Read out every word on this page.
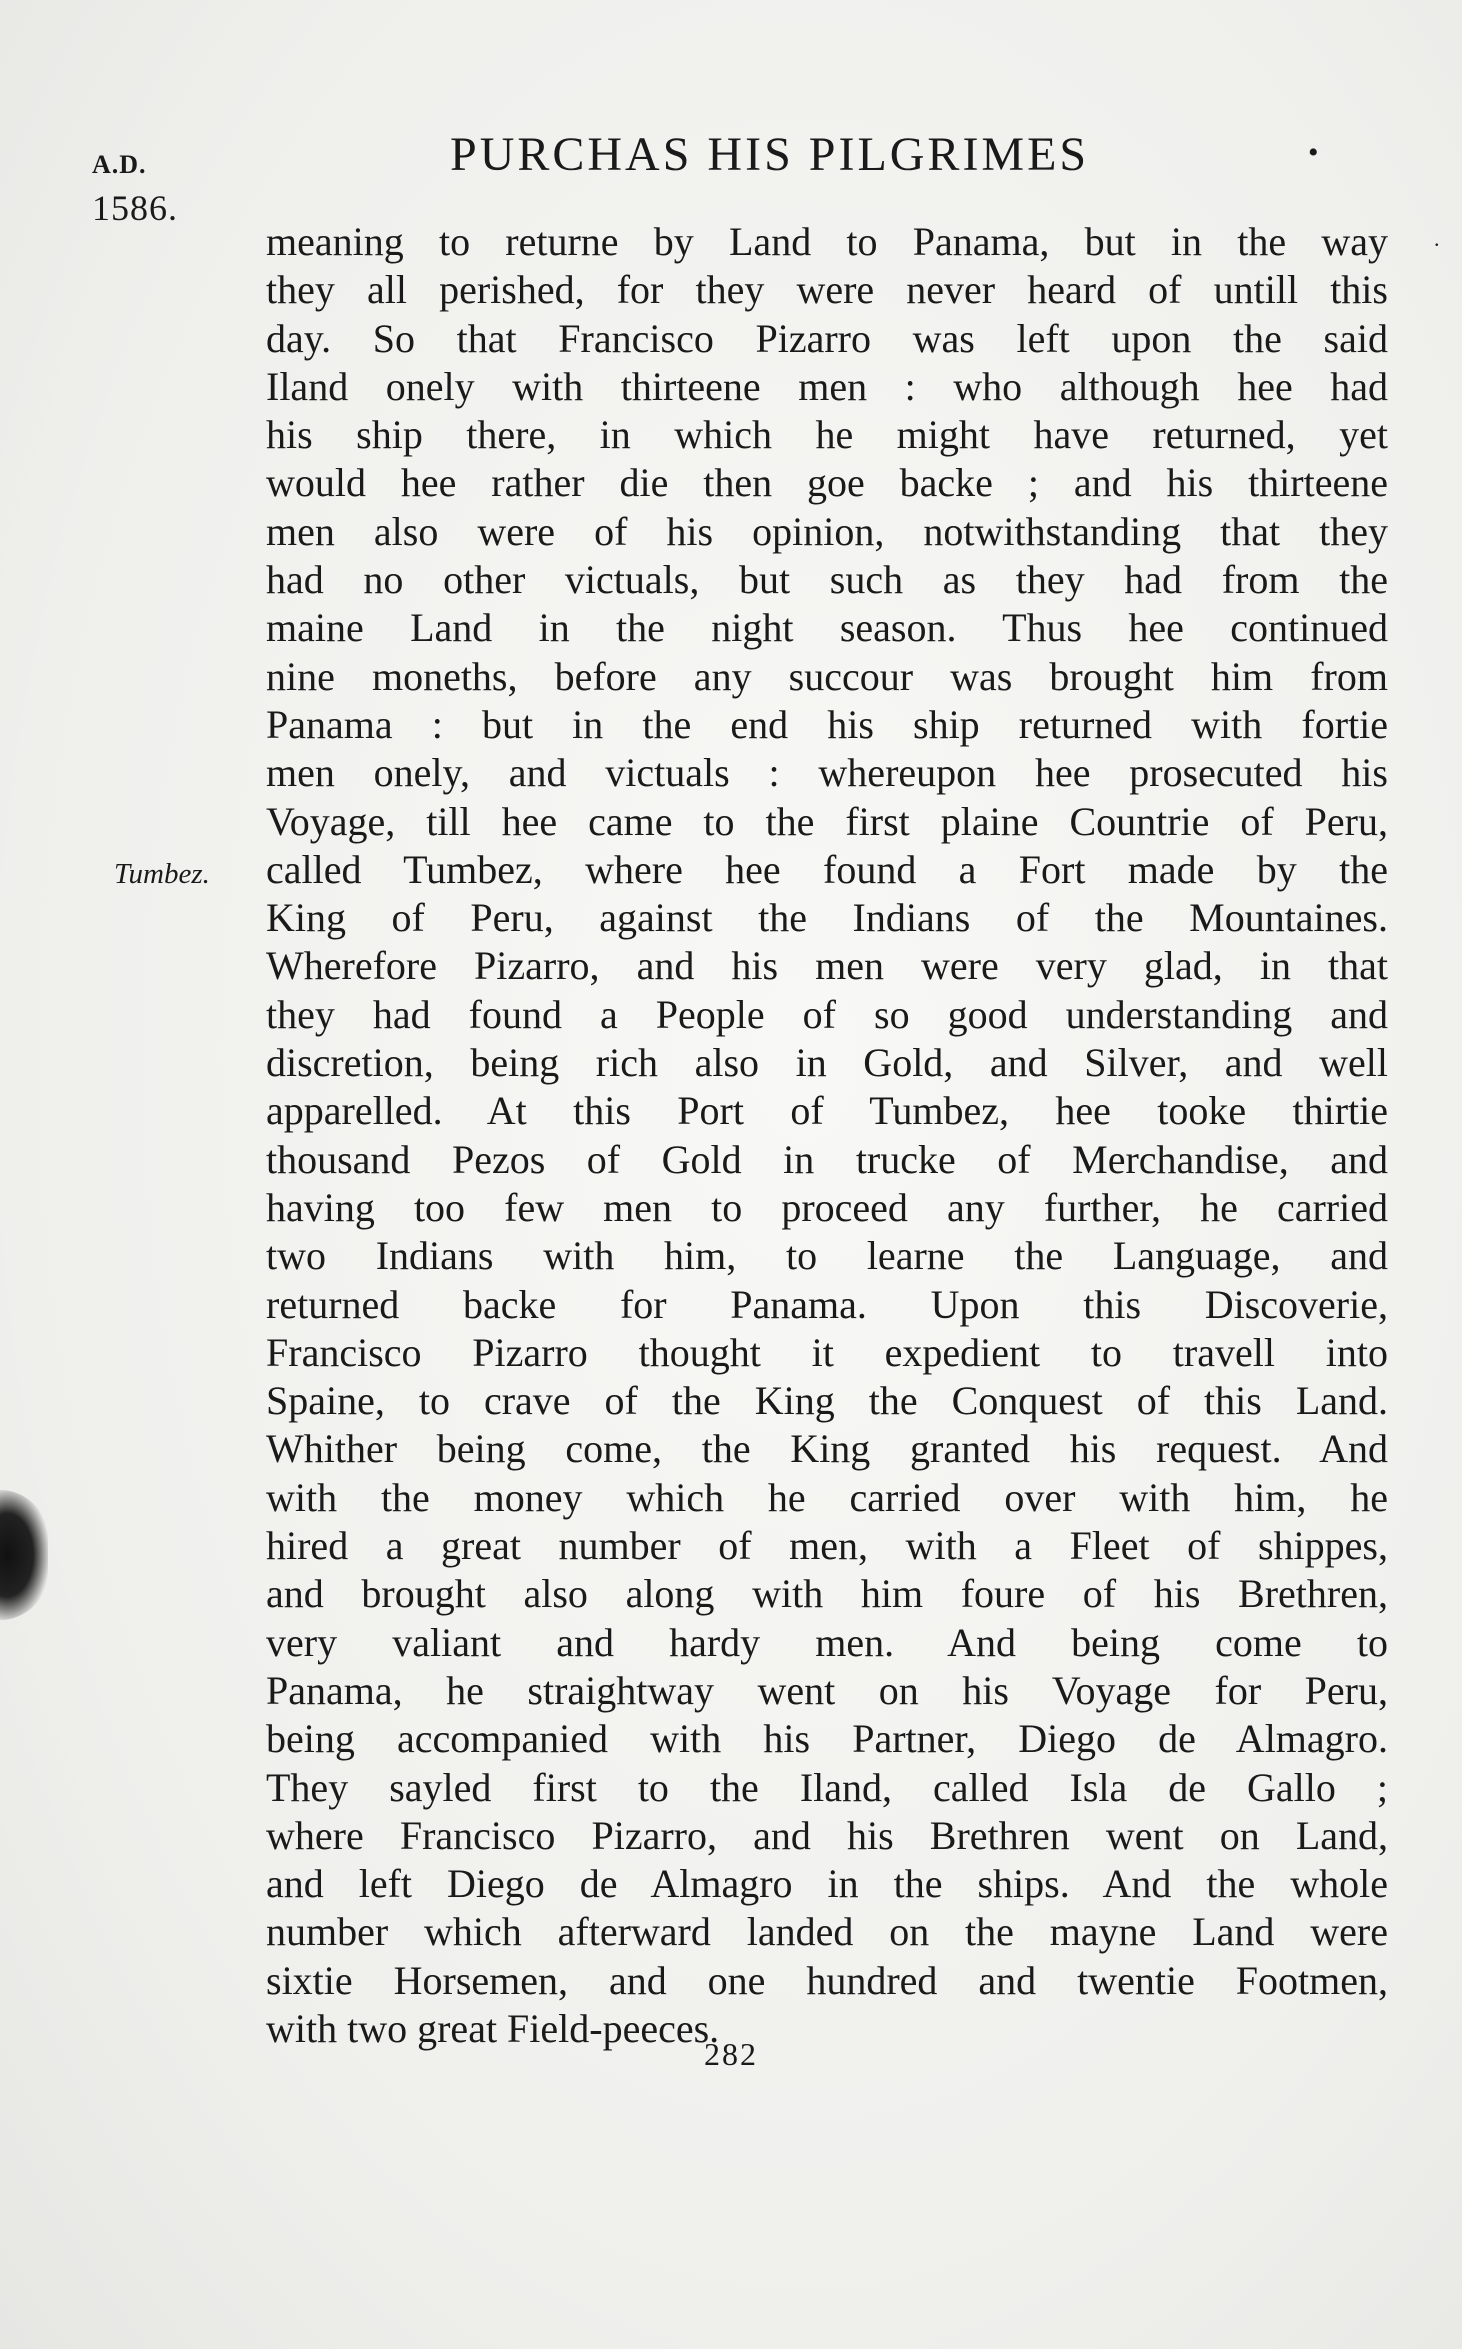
A.D.
1586.
PURCHAS HIS PILGRIMES	•
.
Tumbez.
meaning to returne by Land to Panama, but in the way
they all perished, for they were never heard of untill this
day. So that Francisco Pizarro was left upon the said
Iland onely with thirteene men : who although hee had
his ship there, in which he might have returned, yet
would hee rather die then goe backe ; and his thirteene
men also were of his opinion, notwithstanding that they
had no other victuals, but such as they had from the
maine Land in the night season. Thus hee continued
nine moneths, before any succour was brought him from
Panama : but in the end his ship returned with fortie
men onely, and victuals : whereupon hee prosecuted his
Voyage, till hee came to the first plaine Countrie of Peru,
called Tumbez, where hee found a Fort made by the
King of Peru, against the Indians of the Mountaines.
Wherefore Pizarro, and his men were very glad, in that
they had found a People of so good understanding and
discretion, being rich also in Gold, and Silver, and well
apparelled. At this Port of Tumbez, hee tooke thirtie
thousand Pezos of Gold in trucke of Merchandise, and
having too few men to proceed any further, he carried
two Indians with him, to learne the Language, and
returned backe for Panama. Upon this Discoverie,
Francisco Pizarro thought it expedient to travell into
Spaine, to crave of the King the Conquest of this Land.
Whither being come, the King granted his request. And
with the money which he carried over with him, he
hired a great number of men, with a Fleet of shippes,
and brought also along with him foure of his Brethren,
very valiant and hardy men. And being come to
Panama, he straightway went on his Voyage for Peru,
being accompanied with his Partner, Diego de Almagro.
They sayled first to the Iland, called Isla de Gallo ;
where Francisco Pizarro, and his Brethren went on Land,
and left Diego de Almagro in the ships. And the whole
number which afterward landed on the mayne Land were
sixtie Horsemen, and one hundred and twentie Footmen,
with two great Field-peeces.
282
